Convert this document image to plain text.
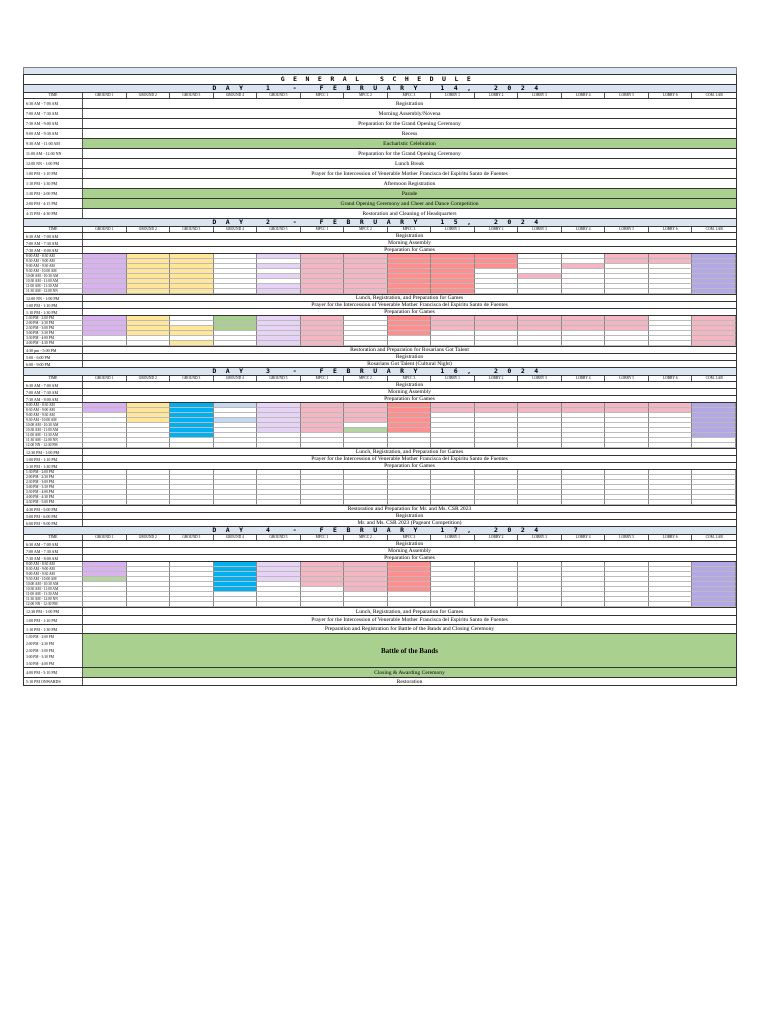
GENERAL SCHEDULE
DAY 1 - FEBRUARY 14, 2024
TIME	GROUND 1	GROUND 2	GROUND 3	GROUND 4	GROUND 5	MPCC 1	MPCC 2	MPCC 3	LOBBY 1	LOBBY 2	LOBBY 3	LOBBY 4	LOBBY 5	LOBBY 6	COM. LAB
6:30 AM - 7:00 AM	Registration
7:00 AM - 7:30 AM	Morning Assembly/Novena
7:30 AM - 9:00 AM	Preparation for the Grand Opening Ceremony
9:00 AM - 9:30 AM	Recess
9:30 AM - 11:00 AM	Eucharistic Celebration
11:00 AM - 12:00 NN	Preparation for the Grand Opening Ceremony
12:00 NN - 1:00 PM	Lunch Break
1:00 PM - 1:10 PM	Prayer for the Intercession of Venerable Mother Francisca del Espiritu Santo de Fuentes
1:10 PM - 1:30 PM	Afternoon Registration
1:30 PM - 2:00 PM	Parade
2:00 PM - 4:15 PM	Grand Opening Ceremony and Cheer and Dance Competition
4:15 PM - 4:30 PM	Restoration and Cleaning of Headquarters
DAY 2 - FEBRUARY 15, 2024
TIME	GROUND 1	GROUND 2	GROUND 3	GROUND 4	GROUND 5	MPCC 1	MPCC 2	MPCC 3	LOBBY 1	LOBBY 2	LOBBY 3	LOBBY 4	LOBBY 5	LOBBY 6	COM. LAB
6:30 AM - 7:00 AM	Registration
7:00 AM - 7:30 AM	Morning Assembly
7:30 AM - 8:00 AM	Preparation for Games
8:00 AM - 8:30 AM
8:30 AM - 9:00 AM
9:00 AM - 9:30 AM
9:30 AM - 10:00 AM
10:00 AM - 10:30 AM
10:30 AM - 11:00 AM
11:00 AM - 11:30 AM
11:30 AM - 12:00 NN
12:00 NN - 1:00 PM	Lunch, Registration, and Preparation for Games
1:00 PM - 1:10 PM	Prayer for the Intercession of Venerable Mother Francisca del Espiritu Santo de Fuentes
1:10 PM - 1:30 PM	Preparation for Games
1:30 PM - 2:00 PM
2:00 PM - 2:30 PM
2:30 PM - 3:00 PM
3:00 PM - 3:30 PM
3:30 PM - 4:00 PM
4:00 PM - 4:30 PM
4:30 pm - 5:00 PM	Restoration and Preparation for Rosarians Got Talent
5:00 - 6:00 PM	Registration
6:00 - 9:00 PM	Rosarians Got Talent (Cultural Night)
DAY 3 - FEBRUARY 16, 2024
TIME	GROUND 1	GROUND 2	GROUND 3	GROUND 4	GROUND 5	MPCC 1	MPCC 2	MPCC 3	LOBBY 1	LOBBY 2	LOBBY 3	LOBBY 4	LOBBY 5	LOBBY 6	COM. LAB
6:30 AM - 7:00 AM	Registration
7:00 AM - 7:30 AM	Morning Assembly
7:30 AM - 8:00 AM	Preparation for Games
8:00 AM - 8:30 AM
8:30 AM - 9:00 AM
9:00 AM - 9:30 AM
9:30 AM - 10:00 AM
10:00 AM - 10:30 AM
10:30 AM - 11:00 AM
11:00 AM - 11:30 AM
11:30 AM - 12:00 NN
12:00 NN - 12:30 PM
12:30 PM - 1:00 PM	Lunch, Registration, and Preparation for Games
1:00 PM - 1:10 PM	Prayer for the Intercession of Venerable Mother Francisca del Espiritu Santo de Fuentes
1:10 PM - 1:30 PM	Preparation for Games
1:30 PM - 2:00 PM
2:00 PM - 2:30 PM
2:30 PM - 3:00 PM
3:00 PM - 3:30 PM
3:30 PM - 4:00 PM
4:00 PM - 4:30 PM
4:30 PM - 5:00 PM
4:30 PM - 5:00 PM	Restoration and Preparation for Mr. and Ms. CSR 2023
5:00 PM - 6:00 PM	Registration
6:00 PM - 9:00 PM	Mr. and Ms. CSR 2023 (Pageant Competition)
DAY 4 - FEBRUARY 17, 2024
TIME	GROUND 1	GROUND 2	GROUND 3	GROUND 4	GROUND 5	MPCC 1	MPCC 2	MPCC 3	LOBBY 1	LOBBY 2	LOBBY 3	LOBBY 4	LOBBY 5	LOBBY 6	COM. LAB
6:30 AM - 7:00 AM	Registration
7:00 AM - 7:30 AM	Morning Assembly
7:30 AM - 8:00 AM	Preparation for Games
8:00 AM - 8:30 AM
8:30 AM - 9:00 AM
9:00 AM - 9:30 AM
9:30 AM - 10:00 AM
10:00 AM - 10:30 AM
10:30 AM - 11:00 AM
11:00 AM - 11:30 AM
11:30 AM - 12:00 NN
12:00 NN - 12:30 PM
12:30 PM - 1:00 PM	Lunch, Registration, and Preparation for Games
1:00 PM - 1:10 PM	Prayer for the Intercession of Venerable Mother Francisca del Espiritu Santo de Fuentes
1:10 PM - 1:30 PM	Preparation and Registration for Battle of the Bands and Closing Ceremony
1:30 PM - 2:00 PM
2:00 PM - 2:30 PM
2:30 PM - 3:00 PM
3:00 PM - 3:30 PM
3:30 PM - 4:00 PM
Battle of the Bands
4:00 PM - 5:10 PM	Closing & Awarding Ceremony
5:10 PM ONWARDS	Restoration
